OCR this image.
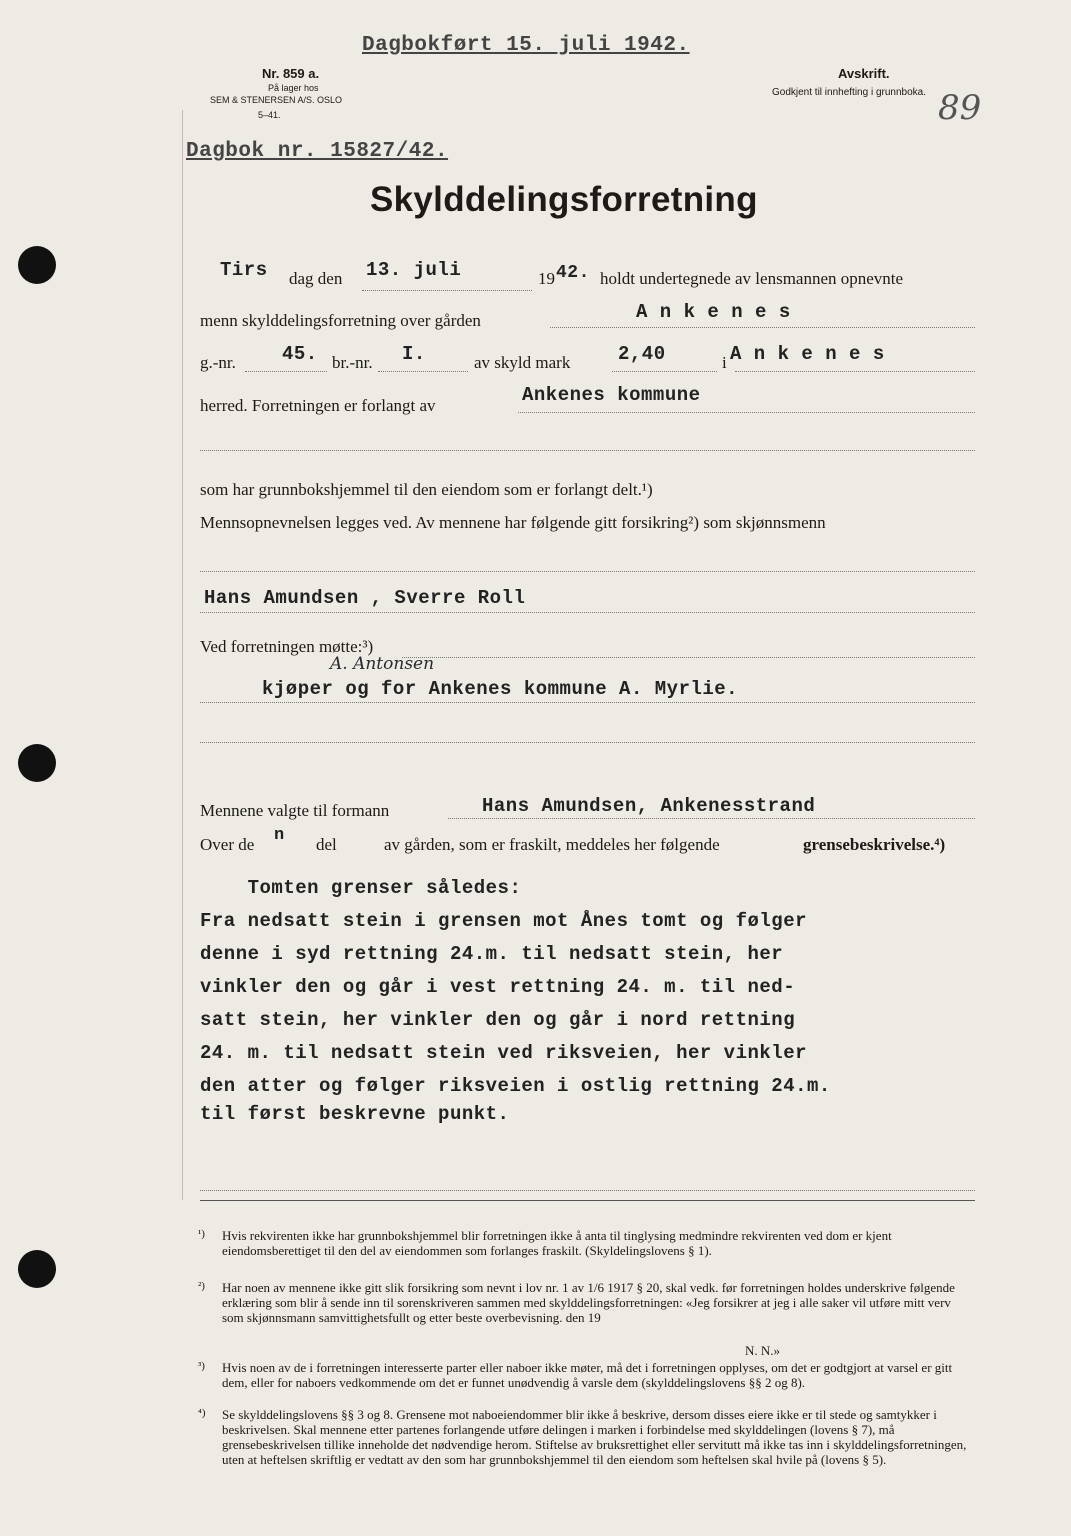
Dagbokført 15. juli 1942.
Nr. 859 a.
På lager hos
SEM & STENERSEN A/S. OSLO
5–41.
Dagbok nr. 15827/42.
Avskrift.
Godkjent til innhefting i grunnboka. 89
Skylddelingsforretning
Tirs dag den 13. juli	19 42. holdt undertegnede av lensmannen opnevnte
menn skylddelingsforretning over gården	A n k e n e s
g.-nr. 45. br.-nr. I.	av skyld mark	2,40	i A n k e n e s
herred. Forretningen er forlangt av	Ankenes kommune
som har grunnbokshjemmel til den eiendom som er forlangt delt.¹)
Mennsopnevnelsen legges ved. Av mennene har følgende gitt forsikring²) som skjønnsmenn
Hans Amundsen , Sverre Roll
Ved forretningen møtte:³)
A. Antonsen
kjøper og for Ankenes kommune A. Myrlie.
Mennene valgte til formann	Hans Amundsen, Ankenesstrand
Over de n del	av gården, som er fraskilt, meddeles her følgende	grensebeskrivelse.⁴)
Tomten grenser således:
Fra nedsatt stein i grensen mot Ånes tomt og følger
denne i syd rettning 24.m. til nedsatt stein, her
vinkler den og går i vest rettning 24. m. til ned-
satt stein, her vinkler den og går i nord rettning
24. m. til nedsatt stein ved riksveien, her vinkler
den atter og følger riksveien i ostlig rettning 24.m.
til først beskrevne punkt.
¹) Hvis rekvirenten ikke har grunnbokshjemmel blir forretningen ikke å anta til tinglysing medmindre rekvirenten ved dom er kjent eiendomsberettiget til den del av eiendommen som forlanges fraskilt. (Skyldelingslovens § 1).
²) Har noen av mennene ikke gitt slik forsikring som nevnt i lov nr. 1 av 1/6 1917 § 20, skal vedk. før forretningen holdes underskrive følgende erklæring som blir å sende inn til sorenskriveren sammen med skylddelingsforretningen: «Jeg forsikrer at jeg i alle saker vil utføre mitt verv som skjønnsmann samvittighetsfullt og etter beste overbevisning. den 19
N. N.»
³) Hvis noen av de i forretningen interesserte parter eller naboer ikke møter, må det i forretningen opplyses, om det er godtgjort at varsel er gitt dem, eller for naboers vedkommende om det er funnet unødvendig å varsle dem (skylddelingslovens §§ 2 og 8).
⁴) Se skylddelingslovens §§ 3 og 8. Grensene mot naboeiendommer blir ikke å beskrive, dersom disses eiere ikke er til stede og samtykker i beskrivelsen. Skal mennene etter partenes forlangende utføre delingen i marken i forbindelse med skylddelingen (lovens § 7), må grensebeskrivelsen tillike inneholde det nødvendige herom. Stiftelse av bruksrettighet eller servitutt må ikke tas inn i skylddelingsforretningen, uten at heftelsen skriftlig er vedtatt av den som har grunnbokshjemmel til den eiendom som heftelsen skal hvile på (lovens § 5).
